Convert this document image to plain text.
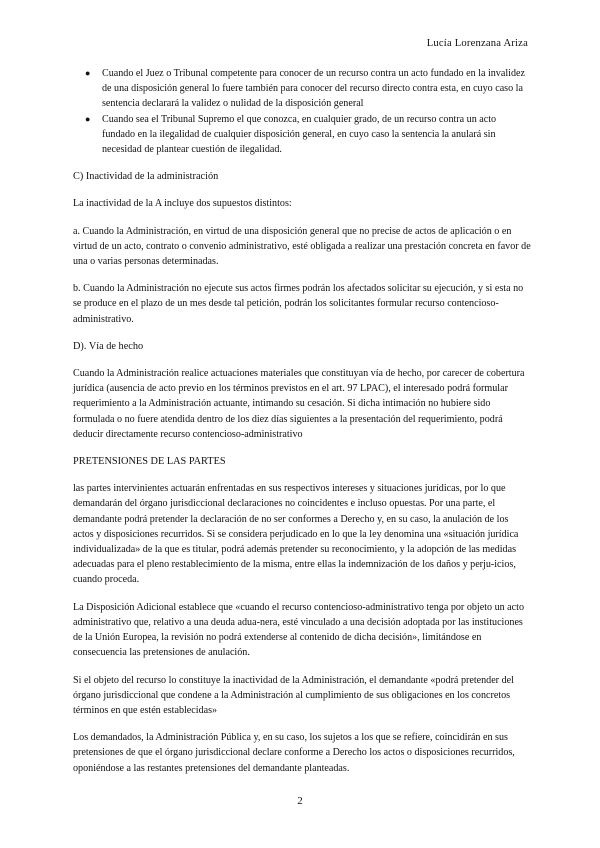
Lucía Lorenzana Ariza
● Cuando el Juez o Tribunal competente para conocer de un recurso contra un acto fundado en la invalidez de una disposición general lo fuere también para conocer del recurso directo contra esta, en cuyo caso la sentencia declarará la validez o nulidad de la disposición general
● Cuando sea el Tribunal Supremo el que conozca, en cualquier grado, de un recurso contra un acto fundado en la ilegalidad de cualquier disposición general, en cuyo caso la sentencia la anulará sin necesidad de plantear cuestión de ilegalidad.

C) Inactividad de la administración

La inactividad de la A incluye dos supuestos distintos:

a. Cuando la Administración, en virtud de una disposición general que no precise de actos de aplicación o en virtud de un acto, contrato o convenio administrativo, esté obligada a realizar una prestación concreta en favor de una o varias personas determinadas.

b. Cuando la Administración no ejecute sus actos firmes podrán los afectados solicitar su ejecución, y si esta no se produce en el plazo de un mes desde tal petición, podrán los solicitantes formular recurso contencioso-administrativo.

D). Vía de hecho

Cuando la Administración realice actuaciones materiales que constituyan vía de hecho, por carecer de cobertura jurídica (ausencia de acto previo en los términos previstos en el art. 97 LPAC), el interesado podrá formular requerimiento a la Administración actuante, intimando su cesación. Si dicha intimación no hubiere sido formulada o no fuere atendida dentro de los diez días siguientes a la presentación del requerimiento, podrá deducir directamente recurso contencioso-administrativo

PRETENSIONES DE LAS PARTES

las partes intervinientes actuarán enfrentadas en sus respectivos intereses y situaciones jurídicas, por lo que demandarán del órgano jurisdiccional declaraciones no coincidentes e incluso opuestas. Por una parte, el demandante podrá pretender la declaración de no ser conformes a Derecho y, en su caso, la anulación de los actos y disposiciones recurridos. Si se considera perjudicado en lo que la ley denomina una «situación jurídica individualizada» de la que es titular, podrá además pretender su reconocimiento, y la adopción de las medidas adecuadas para el pleno restablecimiento de la misma, entre ellas la indemnización de los daños y perju-icios, cuando proceda.

La Disposición Adicional establece que «cuando el recurso contencioso-administrativo tenga por objeto un acto administrativo que, relativo a una deuda adua-nera, esté vinculado a una decisión adoptada por las instituciones de la Unión Europea, la revisión no podrá extenderse al contenido de dicha decisión», limitándose en consecuencia las pretensiones de anulación.

Si el objeto del recurso lo constituye la inactividad de la Administración, el demandante «podrá pretender del órgano jurisdiccional que condene a la Administración al cumplimiento de sus obligaciones en los concretos términos en que estén establecidas»

Los demandados, la Administración Pública y, en su caso, los sujetos a los que se refiere, coincidirán en sus pretensiones de que el órgano jurisdiccional declare conforme a Derecho los actos o disposiciones recurridos, oponiéndose a las restantes pretensiones del demandante planteadas.

2
